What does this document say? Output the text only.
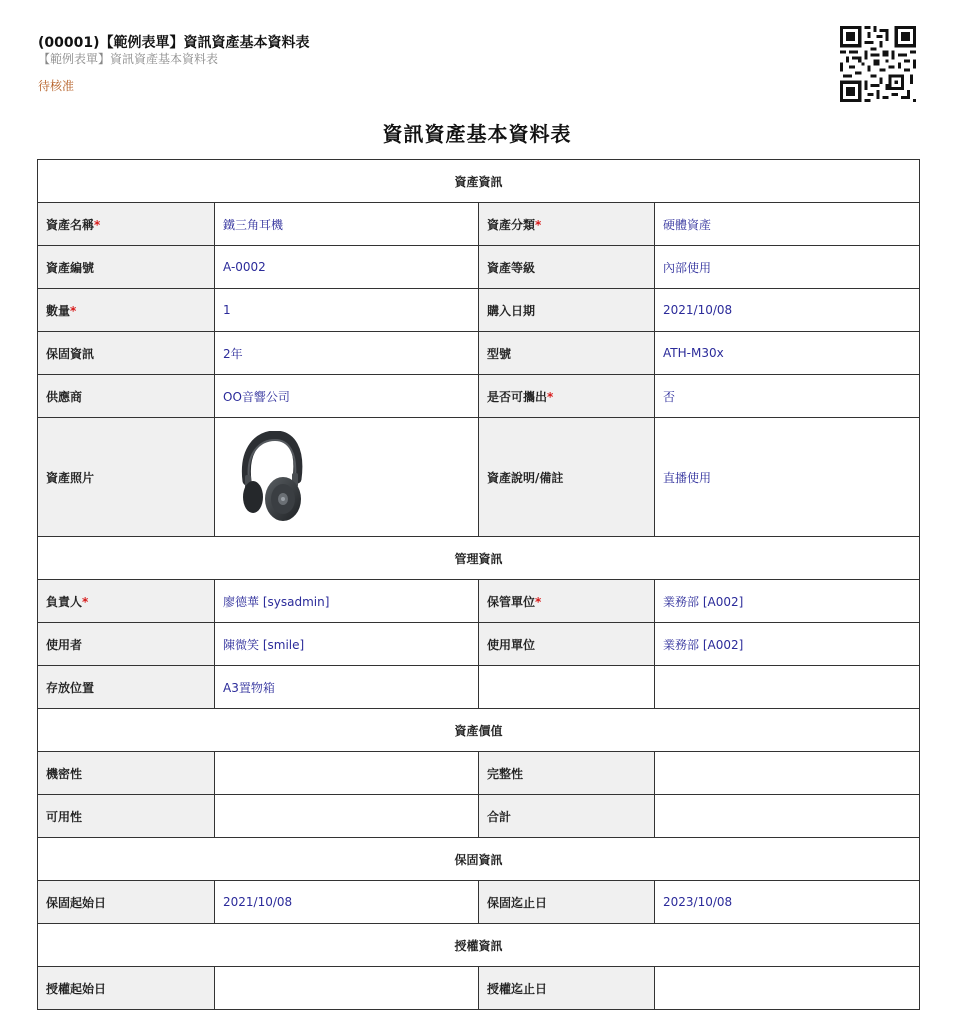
(00001)【範例表單】資訊資產基本資料表
【範例表單】資訊資產基本資料表
待核准
資訊資產基本資料表
資產資訊			
資產名稱*	鐵三角耳機	資產分類*	硬體資產
資產編號	A-0002	資產等級	內部使用
數量*	1	購入日期	2021/10/08
保固資訊	2年	型號	ATH-M30x
供應商	OO音響公司	是否可攜出*	否
資產照片		資產說明/備註	直播使用
管理資訊			
負責人*	廖德華 [sysadmin]	保管單位*	業務部 [A002]
使用者	陳微笑 [smile]	使用單位	業務部 [A002]
存放位置	A3置物箱		
資產價值			
機密性		完整性	
可用性		合計	
保固資訊			
保固起始日	2021/10/08	保固迄止日	2023/10/08
授權資訊			
授權起始日		授權迄止日	
